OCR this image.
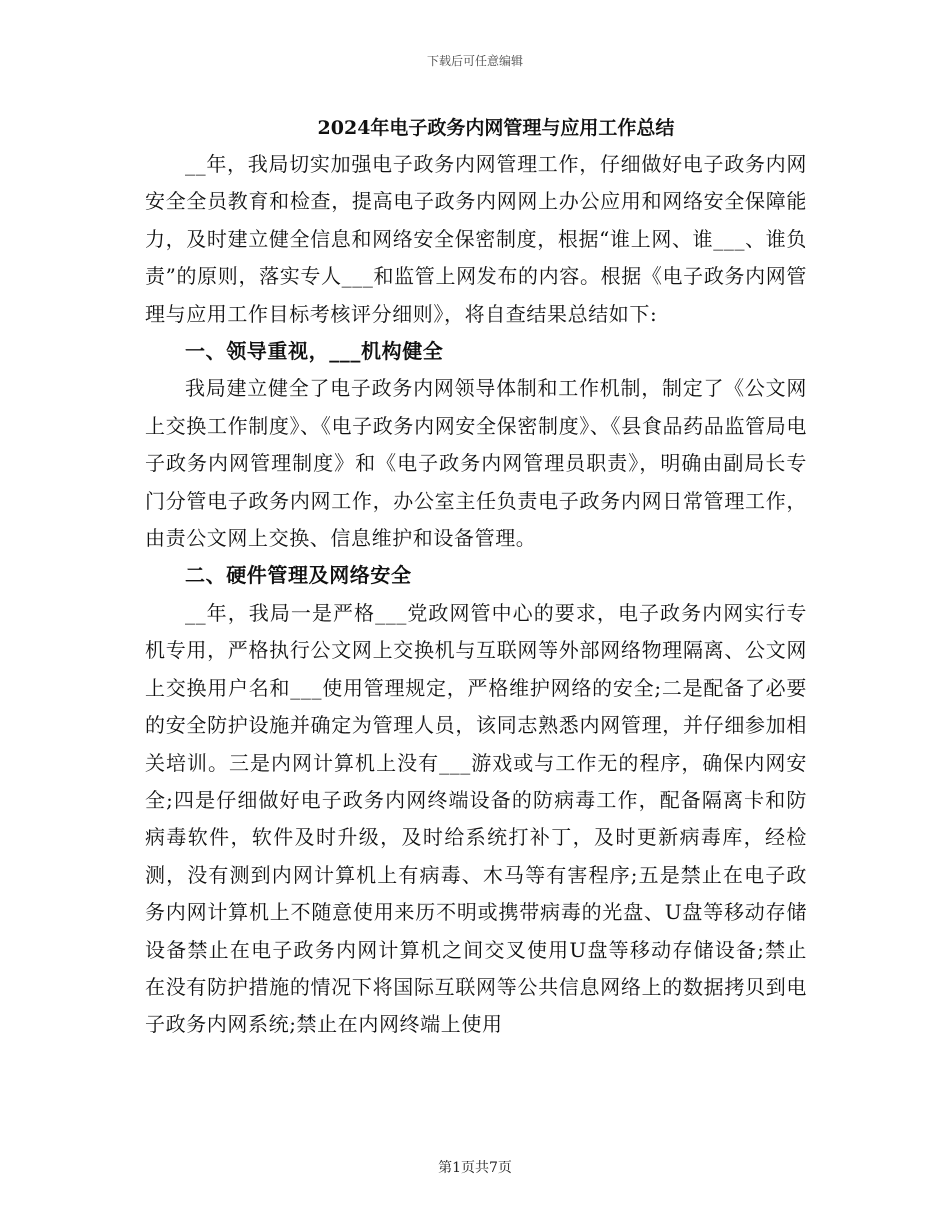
下载后可任意编辑
2024年电子政务内网管理与应用工作总结

__年，我局切实加强电子政务内网管理工作，仔细做好电子政务内网安全全员教育和检查，提高电子政务内网网上办公应用和网络安全保障能力，及时建立健全信息和网络安全保密制度，根据“谁上网、谁___、谁负责”的原则，落实专人___和监管上网发布的内容。根据《电子政务内网管理与应用工作目标考核评分细则》，将自查结果总结如下:

一、领导重视，___机构健全

我局建立健全了电子政务内网领导体制和工作机制，制定了《公文网上交换工作制度》、《电子政务内网安全保密制度》、《县食品药品监管局电子政务内网管理制度》和《电子政务内网管理员职责》，明确由副局长专门分管电子政务内网工作，办公室主任负责电子政务内网日常管理工作，由责公文网上交换、信息维护和设备管理。

二、硬件管理及网络安全

__年，我局一是严格___党政网管中心的要求，电子政务内网实行专机专用，严格执行公文网上交换机与互联网等外部网络物理隔离、公文网上交换用户名和___使用管理规定，严格维护网络的安全;二是配备了必要的安全防护设施并确定为管理人员，该同志熟悉内网管理，并仔细参加相关培训。三是内网计算机上没有___游戏或与工作无的程序，确保内网安全;四是仔细做好电子政务内网终端设备的防病毒工作，配备隔离卡和防病毒软件，软件及时升级，及时给系统打补丁，及时更新病毒库，经检测，没有测到内网计算机上有病毒、木马等有害程序;五是禁止在电子政务内网计算机上不随意使用来历不明或携带病毒的光盘、U盘等移动存储设备禁止在电子政务内网计算机之间交叉使用U盘等移动存储设备;禁止在没有防护措施的情况下将国际互联网等公共信息网络上的数据拷贝到电子政务内网系统;禁止在内网终端上使用

第1页共7页
